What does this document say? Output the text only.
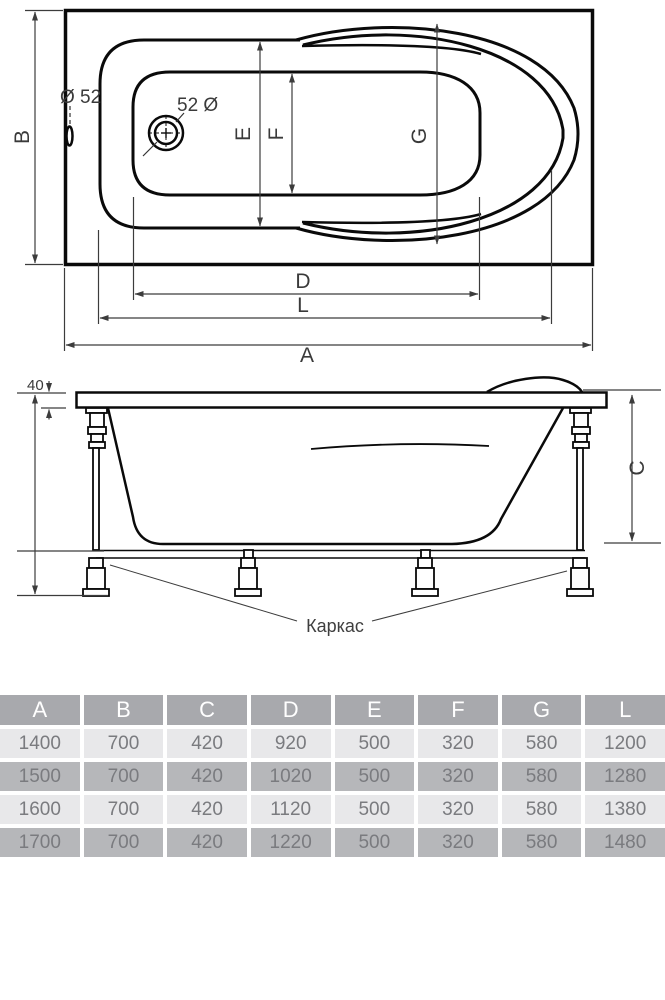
B	E F	G
D
L
A
Ø 52	52 Ø
40
C
Каркас
A	B	C	D	E	F	G	L
1400	700	420	920	500	320	580	1200
1500	700	420	1020	500	320	580	1280
1600	700	420	1120	500	320	580	1380
1700	700	420	1220	500	320	580	1480
